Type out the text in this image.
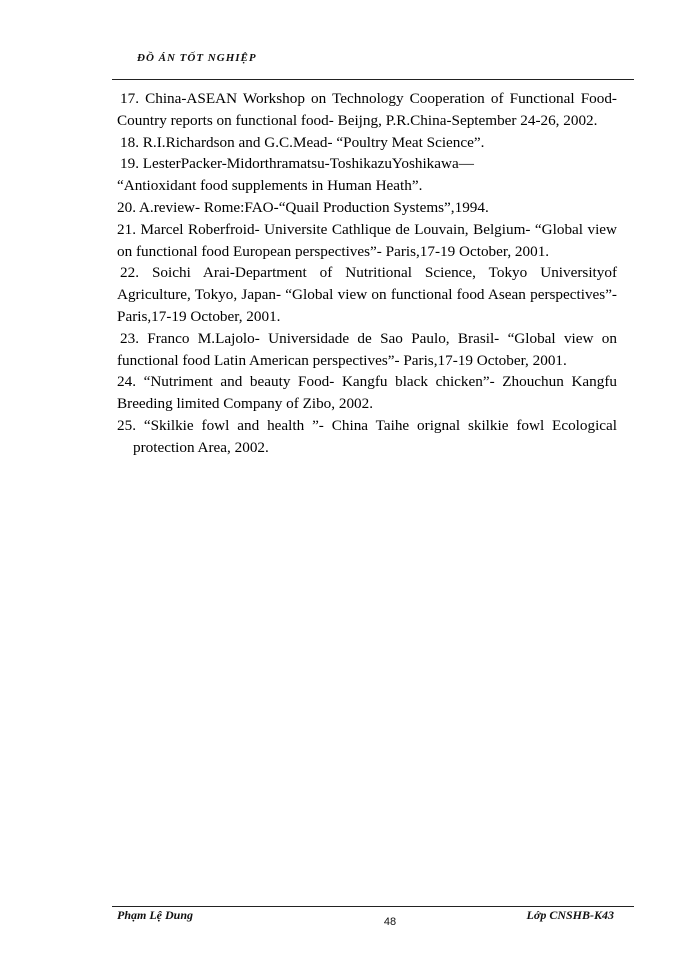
ĐỒ ÁN TỐT NGHIỆP

17. China-ASEAN Workshop on Technology Cooperation of Functional Food-Country reports on functional food- Beijng, P.R.China-September 24-26, 2002.

18. R.I.Richardson and G.C.Mead- “Poultry Meat Science”.

19. LesterPacker-Midorthramatsu-ToshikazuYoshikawa—

“Antioxidant food supplements in Human Heath”.

20. A.review- Rome:FAO-“Quail Production Systems”,1994.

21. Marcel Roberfroid- Universite Cathlique de Louvain, Belgium- “Global view on functional food European perspectives”- Paris,17-19 October, 2001.

22. Soichi Arai-Department of Nutritional Science, Tokyo Universityof Agriculture, Tokyo, Japan- “Global view on functional food Asean perspectives”- Paris,17-19 October, 2001.

23. Franco M.Lajolo- Universidade de Sao Paulo, Brasil- “Global view on functional food Latin American perspectives”- Paris,17-19 October, 2001.

24. “Nutriment and beauty Food- Kangfu black chicken”- Zhouchun Kangfu Breeding limited Company of Zibo, 2002.

25. “Skilkie fowl and health ”- China Taihe orignal skilkie fowl Ecological protection Area, 2002.

Phạm Lệ Dung	48	Lớp CNSHB-K43
